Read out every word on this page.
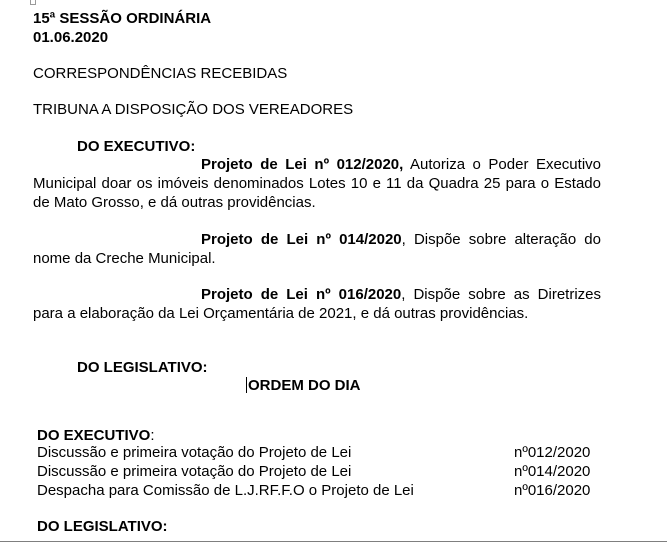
15ª SESSÃO ORDINÁRIA
01.06.2020
CORRESPONDÊNCIAS RECEBIDAS
TRIBUNA A DISPOSIÇÃO DOS VEREADORES
DO EXECUTIVO:
Projeto de Lei nº 012/2020, Autoriza o Poder Executivo Municipal doar os imóveis denominados Lotes 10 e 11 da Quadra 25 para o Estado de Mato Grosso, e dá outras providências.
Projeto de Lei nº 014/2020, Dispõe sobre alteração do nome da Creche Municipal.
Projeto de Lei nº 016/2020, Dispõe sobre as Diretrizes para a elaboração da Lei Orçamentária de 2021, e dá outras providências.
DO LEGISLATIVO:
ORDEM DO DIA
DO EXECUTIVO:
Discussão e primeira votação do Projeto de Lei	nº012/2020
Discussão e primeira votação do Projeto de Lei	nº014/2020
Despacha para Comissão de L.J.RF.F.O o Projeto de Lei	nº016/2020
DO LEGISLATIVO:
